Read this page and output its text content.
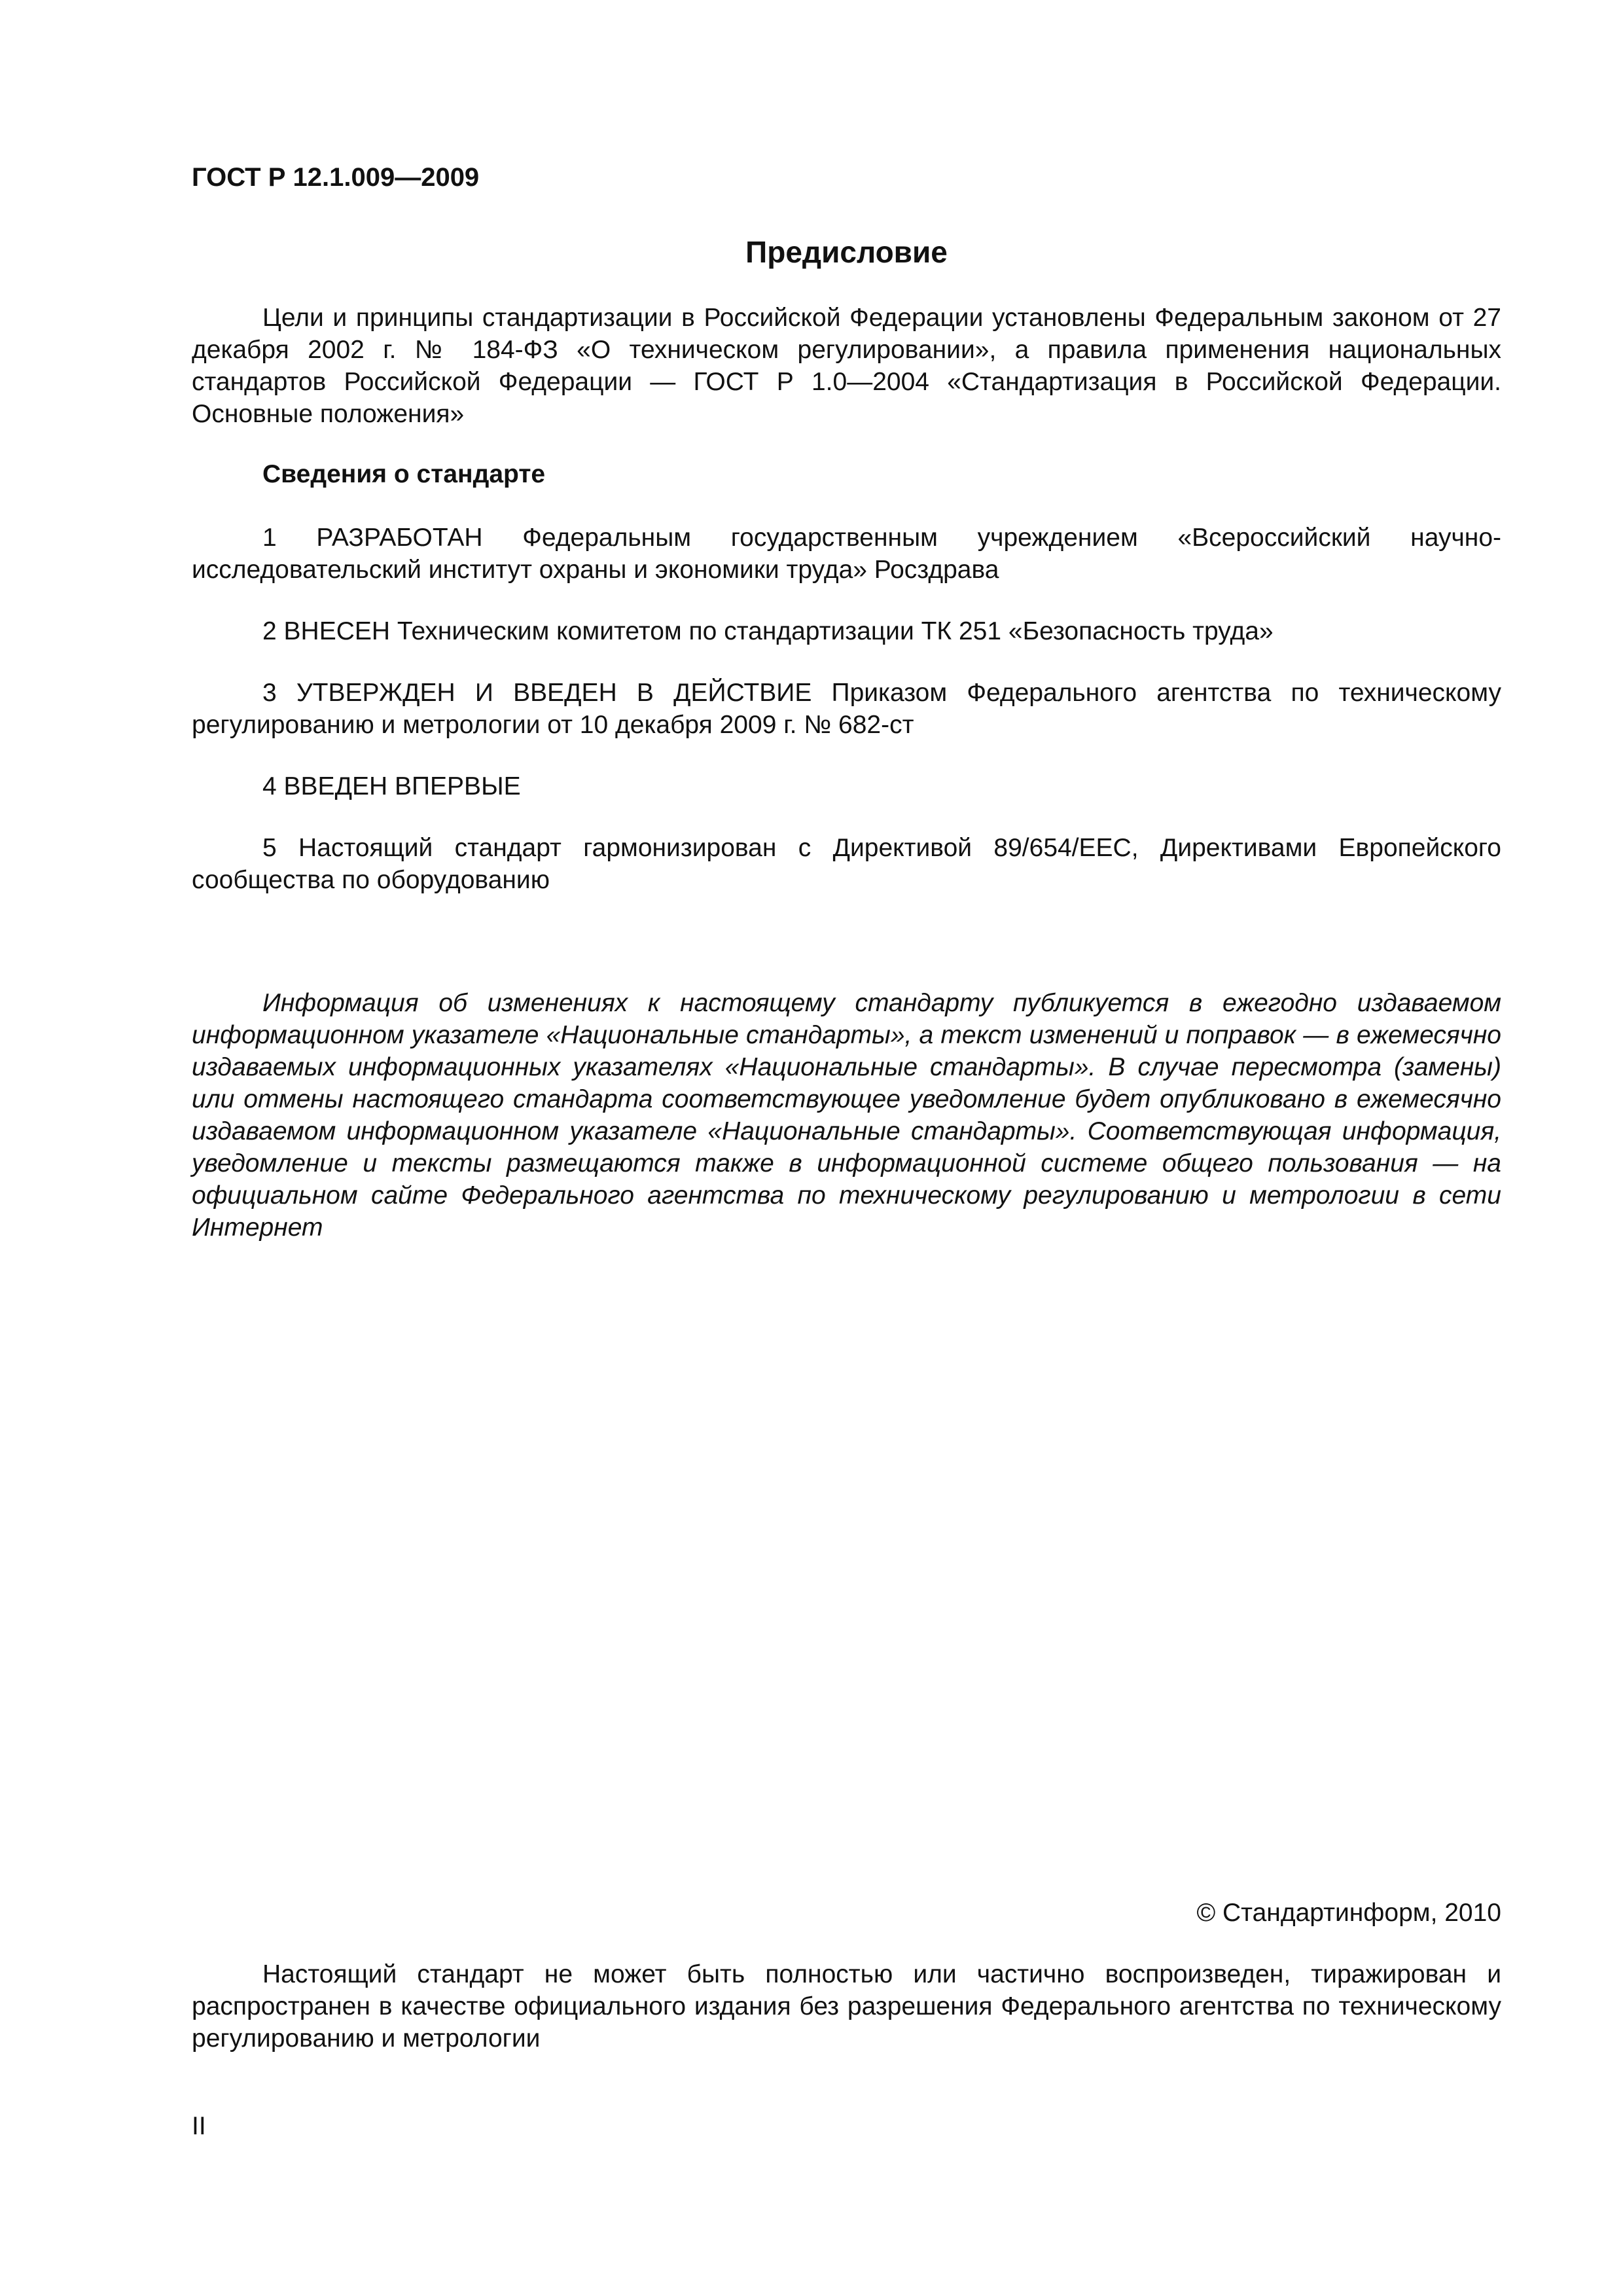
ГОСТ Р 12.1.009—2009
Предисловие

Цели и принципы стандартизации в Российской Федерации установлены Федеральным законом от 27 декабря 2002 г. № 184-ФЗ «О техническом регулировании», а правила применения национальных стандартов Российской Федерации — ГОСТ Р 1.0—2004 «Стандартизация в Российской Федерации. Основные положения»

Сведения о стандарте

1 РАЗРАБОТАН Федеральным государственным учреждением «Всероссийский научно-исследовательский институт охраны и экономики труда» Росздрава

2 ВНЕСЕН Техническим комитетом по стандартизации ТК 251 «Безопасность труда»

3 УТВЕРЖДЕН И ВВЕДЕН В ДЕЙСТВИЕ Приказом Федерального агентства по техническому регулированию и метрологии от 10 декабря 2009 г. № 682-ст

4 ВВЕДЕН ВПЕРВЫЕ

5 Настоящий стандарт гармонизирован с Директивой 89/654/ЕЕС, Директивами Европейского сообщества по оборудованию

Информация об изменениях к настоящему стандарту публикуется в ежегодно издаваемом информационном указателе «Национальные стандарты», а текст изменений и поправок — в ежемесячно издаваемых информационных указателях «Национальные стандарты». В случае пересмотра (замены) или отмены настоящего стандарта соответствующее уведомление будет опубликовано в ежемесячно издаваемом информационном указателе «Национальные стандарты». Соответствующая информация, уведомление и тексты размещаются также в информационной системе общего пользования — на официальном сайте Федерального агентства по техническому регулированию и метрологии в сети Интернет

© Стандартинформ, 2010

Настоящий стандарт не может быть полностью или частично воспроизведен, тиражирован и распространен в качестве официального издания без разрешения Федерального агентства по техническому регулированию и метрологии

II
